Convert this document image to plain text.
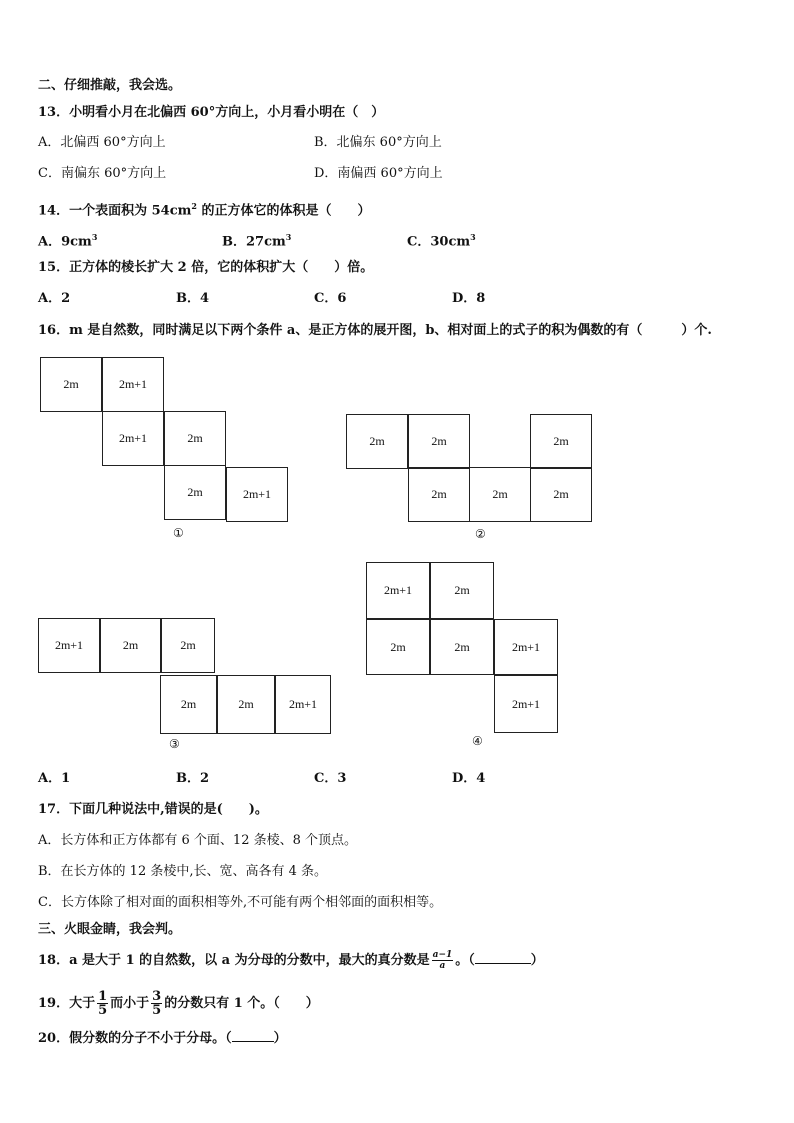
二、仔细推敲，我会选。
13．小明看小月在北偏西 60°方向上，小月看小明在（　）
A．北偏西 60°方向上	B．北偏东 60°方向上
C．南偏东 60°方向上	D．南偏西 60°方向上
14．一个表面积为 $54cm^2$ 的正方体它的体积是（　　）
A．$9cm^3$	B．$27cm^3$	C．$30cm^3$
15．正方体的棱长扩大 2 倍，它的体积扩大（　　）倍。
A．2	B．4	C．6	D．8
16．m 是自然数，同时满足以下两个条件 a、是正方体的展开图，b、相对面上的式子的积为偶数的有（　　　）个.
2m	2m+1
2m+1	2m
2m	2m+1
①
2m	2m	2m
2m	2m	2m
②
2m+1	2m	2m
2m	2m	2m+1
③
2m+1	2m
2m	2m	2m+1
2m+1
④
A．1	B．2	C．3	D．4
17．下面几种说法中,错误的是(　　)。
A．长方体和正方体都有 6 个面、12 条棱、8 个顶点。
B．在长方体的 12 条棱中,长、宽、高各有 4 条。
C．长方体除了相对面的面积相等外,不可能有两个相邻面的面积相等。
三、火眼金睛，我会判。
18．a 是大于 1 的自然数，以 a 为分母的分数中，最大的真分数是 $\frac{a-1}{a}$ 。（	）
19．大于 $\frac{1}{5}$ 而小于 $\frac{3}{5}$ 的分数只有 1 个。（　　）
20．假分数的分子不小于分母。（	）
